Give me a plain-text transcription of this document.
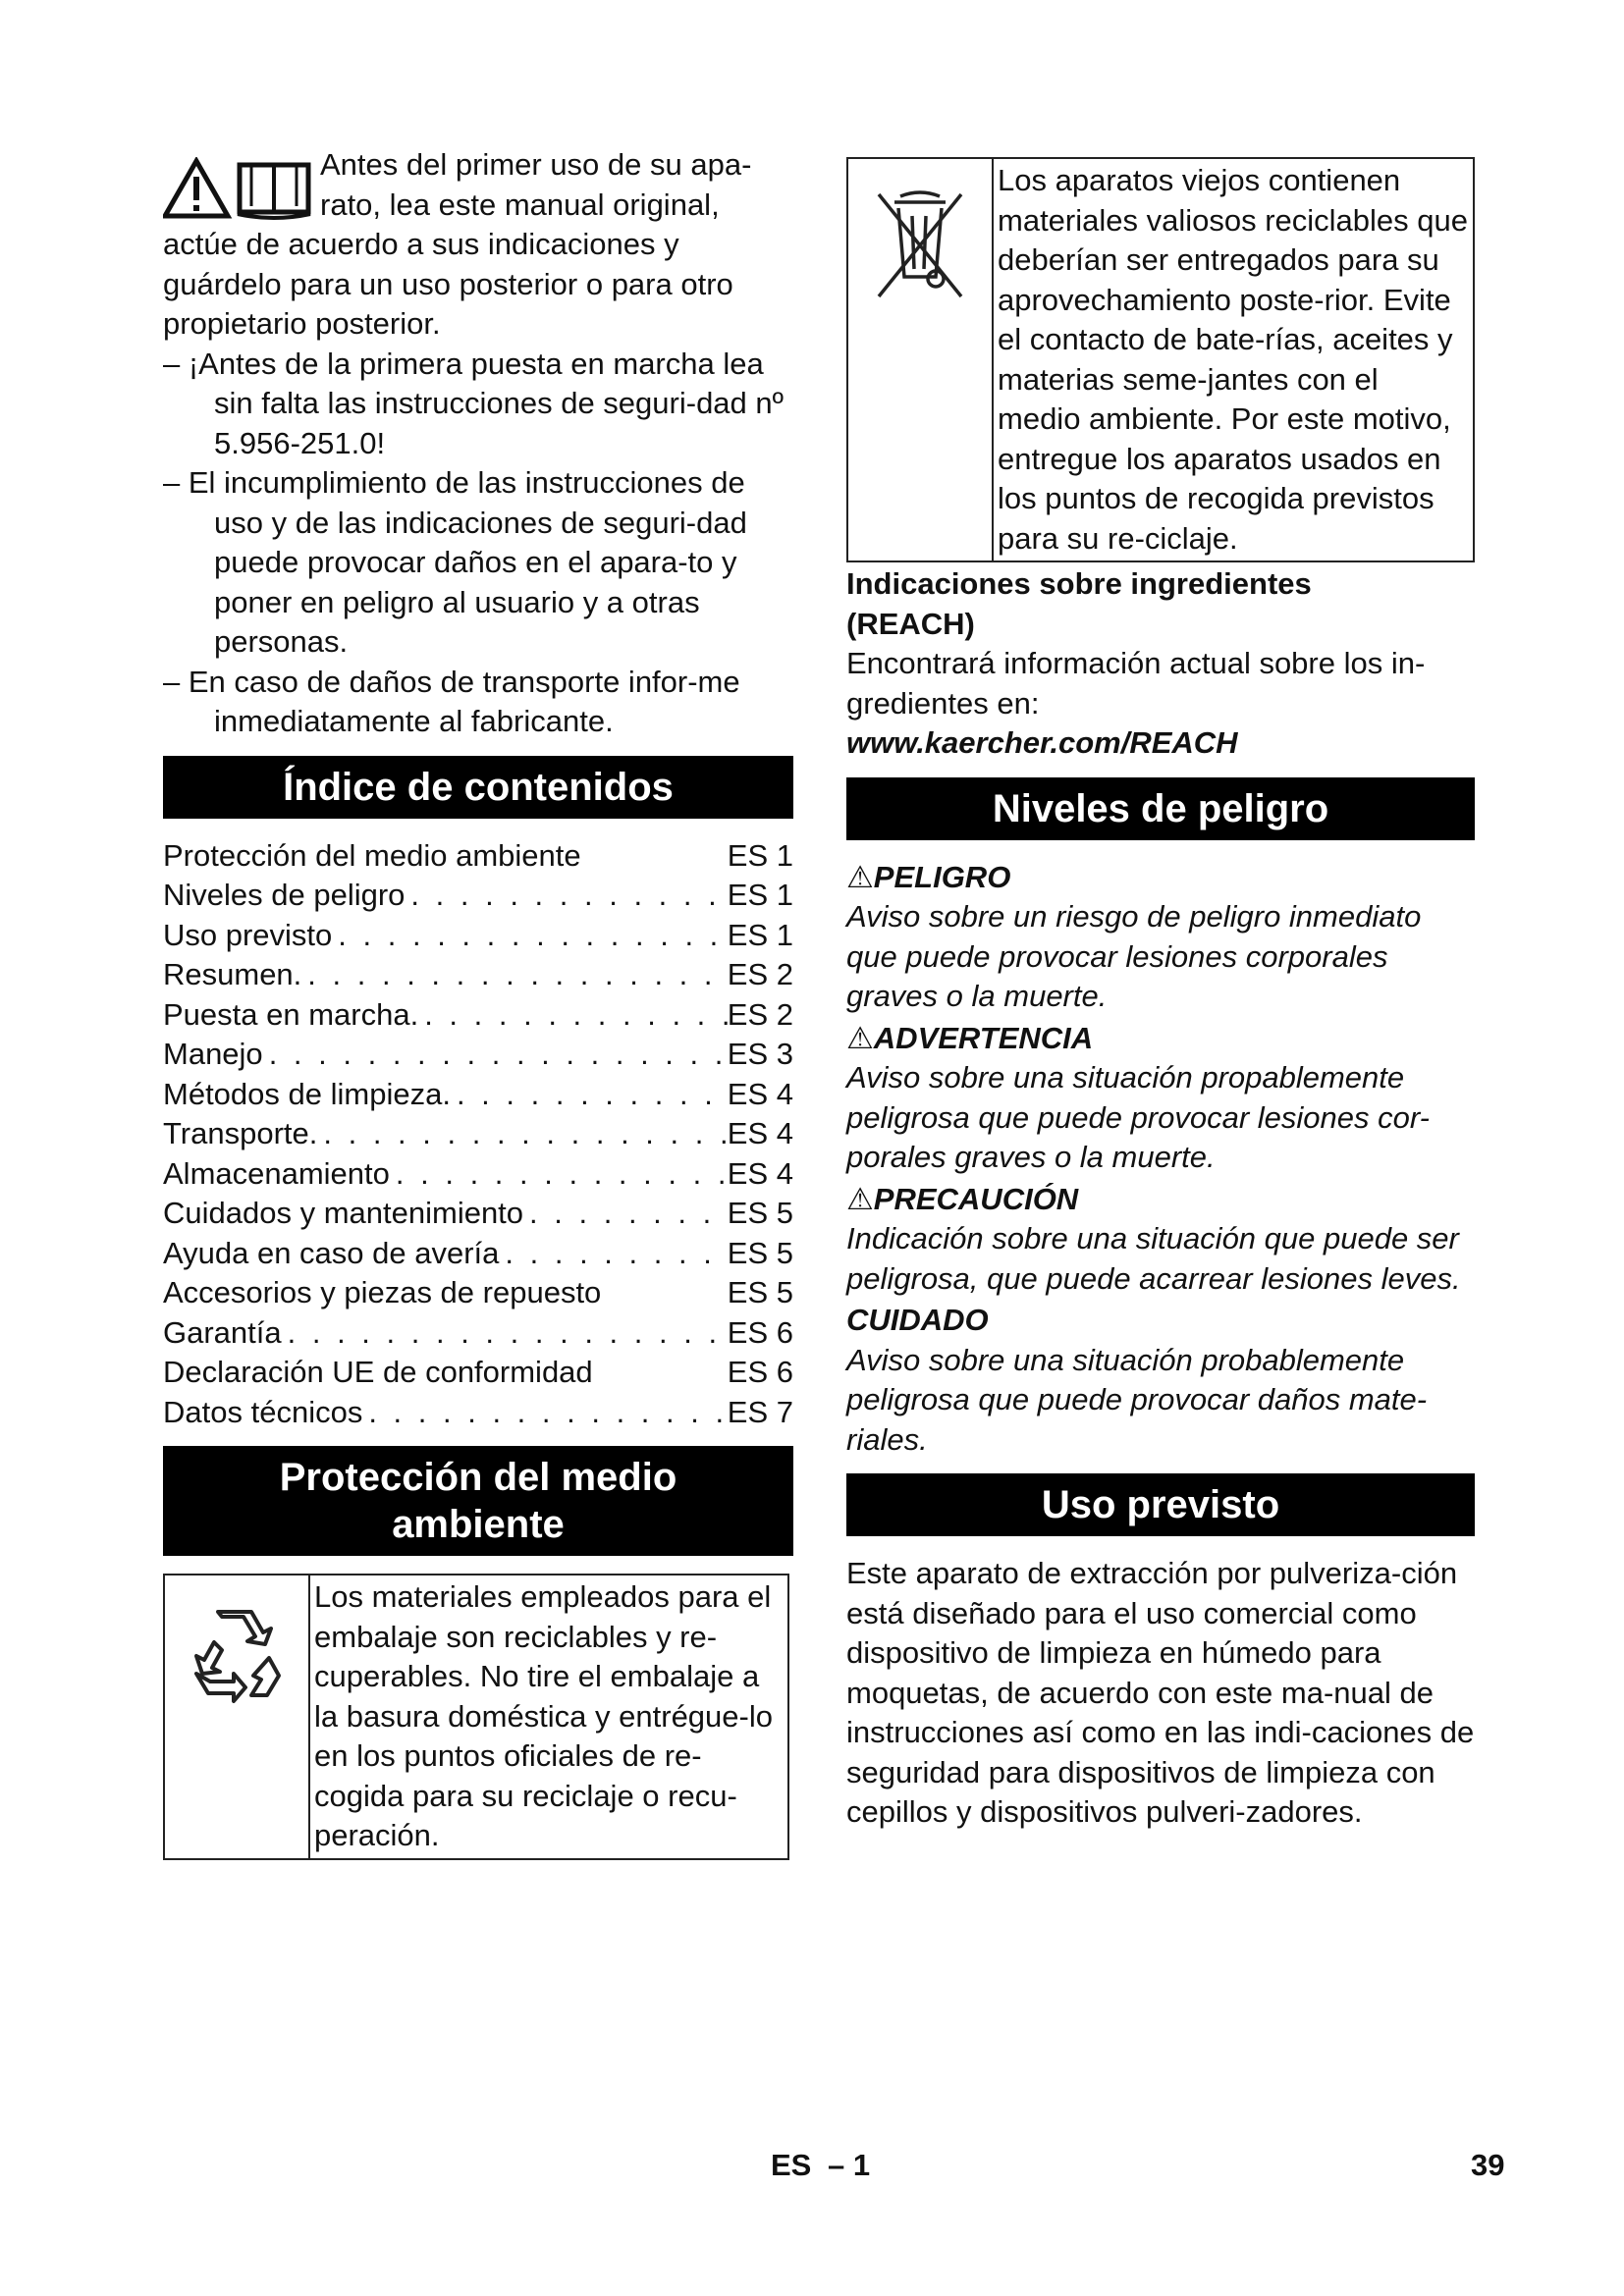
Antes del primer uso de su apa-

rato, lea este manual original,

actúe de acuerdo a sus indicaciones y guárdelo para un uso posterior o para otro propietario posterior.

– ¡Antes de la primera puesta en marcha lea sin falta las instrucciones de seguri-dad nº 5.956-251.0!

– El incumplimiento de las instrucciones de uso y de las indicaciones de seguri-dad puede provocar daños en el apara-to y poner en peligro al usuario y a otras personas.

– En caso de daños de transporte infor-me inmediatamente al fabricante.

Índice de contenidos
Protección del medio ambiente	ES 1
Niveles de peligro . . .	ES 1
Uso previsto . . .	ES 1
Resumen. . . .	ES 2
Puesta en marcha. . . .	ES 2
Manejo . . .	ES 3
Métodos de limpieza. . . .	ES 4
Transporte. . . .	ES 4
Almacenamiento . . .	ES 4
Cuidados y mantenimiento . . .	ES 5
Ayuda en caso de avería . . .	ES 5
Accesorios y piezas de repuesto	ES 5
Garantía . . .	ES 6
Declaración UE de conformidad	ES 6
Datos técnicos . . .	ES 7
Protección del medio
ambiente
Los materiales empleados para el embalaje son reciclables y re-cuperables. No tire el embalaje a la basura doméstica y entrégue-lo en los puntos oficiales de re-cogida para su reciclaje o recu-peración.
Los aparatos viejos contienen materiales valiosos reciclables que deberían ser entregados para su aprovechamiento poste-rior. Evite el contacto de bate-rías, aceites y materias seme-jantes con el medio ambiente. Por este motivo, entregue los aparatos usados en los puntos de recogida previstos para su re-ciclaje.

Indicaciones sobre ingredientes

(REACH)

Encontrará información actual sobre los in-gredientes en:

www.kaercher.com/REACH

Niveles de peligro

⚠PELIGRO

Aviso sobre un riesgo de peligro inmediato que puede provocar lesiones corporales graves o la muerte.

⚠ADVERTENCIA

Aviso sobre una situación propablemente peligrosa que puede provocar lesiones cor-porales graves o la muerte.

⚠PRECAUCIÓN

Indicación sobre una situación que puede ser peligrosa, que puede acarrear lesiones leves.

CUIDADO

Aviso sobre una situación probablemente peligrosa que puede provocar daños mate-riales.

Uso previsto

Este aparato de extracción por pulveriza-ción está diseñado para el uso comercial como dispositivo de limpieza en húmedo para moquetas, de acuerdo con este ma-nual de instrucciones así como en las indi-caciones de seguridad para dispositivos de limpieza con cepillos y dispositivos pulveri-zadores.

ES – 1	39
